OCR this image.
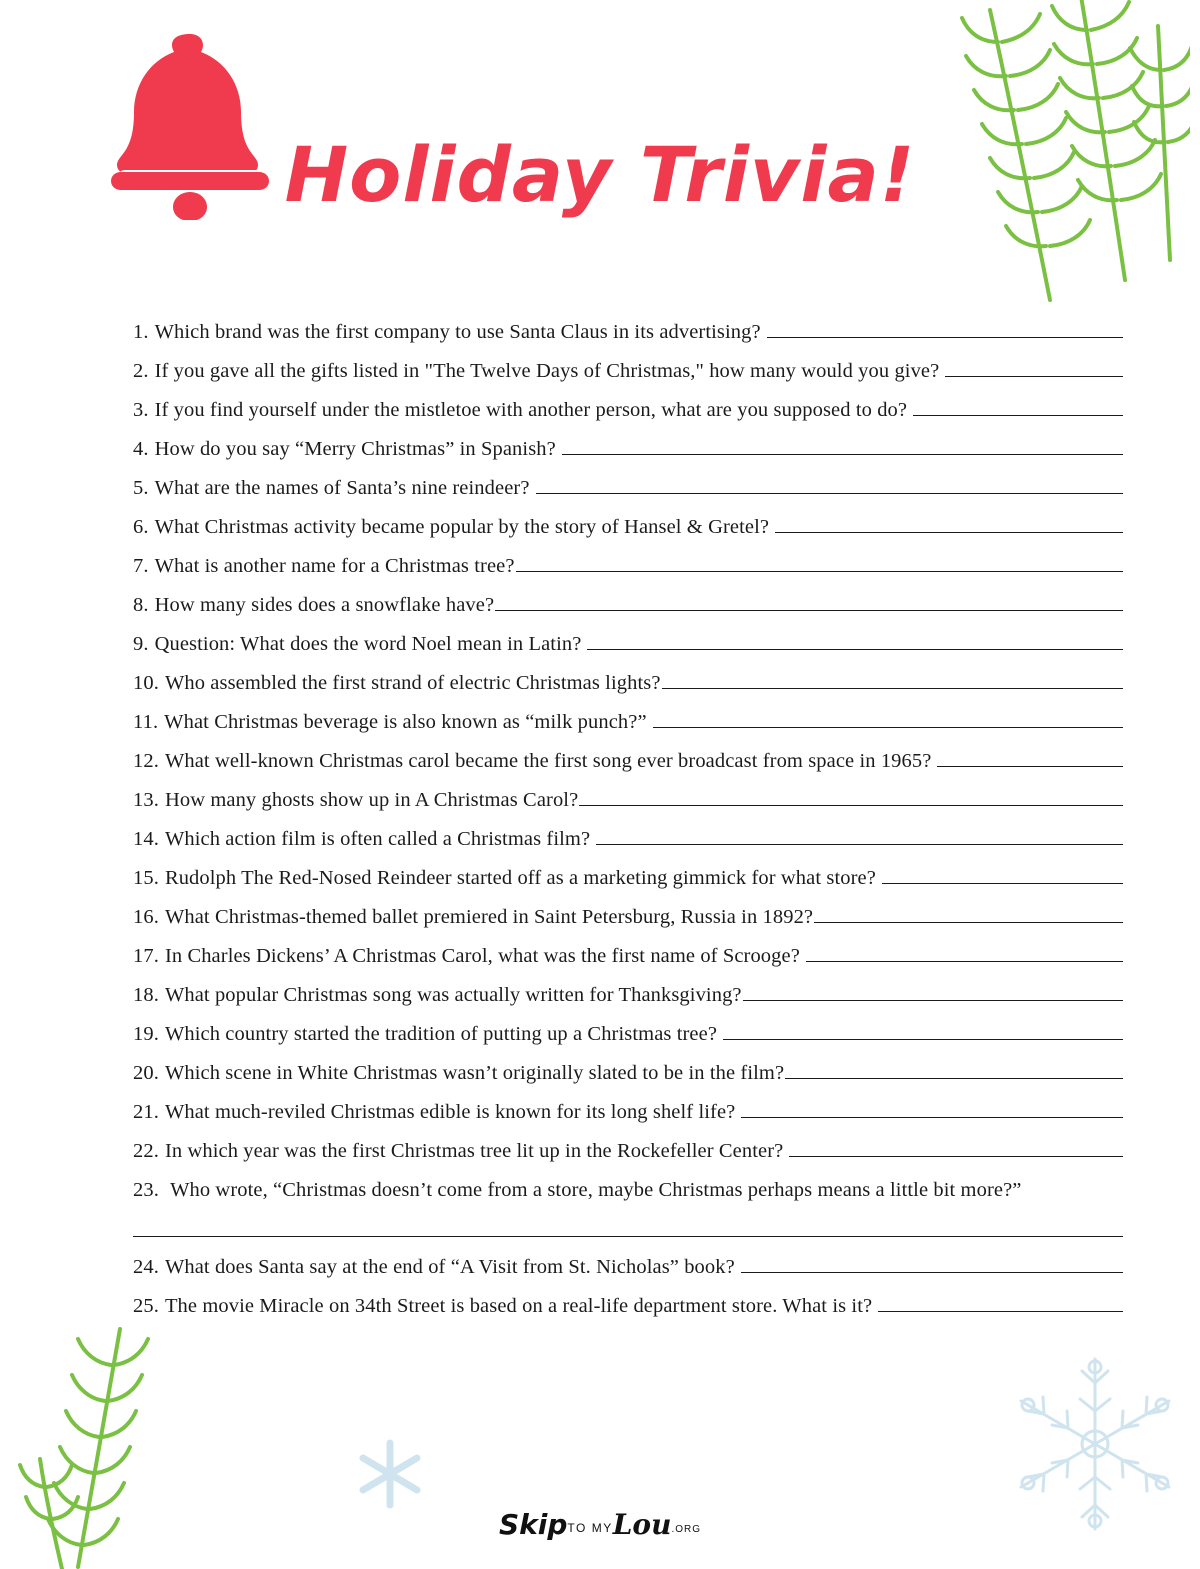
Holiday Trivia!
1. Which brand was the first company to use Santa Claus in its advertising?
2. If you gave all the gifts listed in "The Twelve Days of Christmas," how many would you give?
3. If you find yourself under the mistletoe with another person, what are you supposed to do?
4. How do you say “Merry Christmas” in Spanish?
5. What are the names of Santa’s nine reindeer?
6. What Christmas activity became popular by the story of Hansel & Gretel?
7. What is another name for a Christmas tree?
8. How many sides does a snowflake have?
9. Question: What does the word Noel mean in Latin?
10. Who assembled the first strand of electric Christmas lights?
11. What Christmas beverage is also known as “milk punch?”
12. What well-known Christmas carol became the first song ever broadcast from space in 1965?
13. How many ghosts show up in A Christmas Carol?
14. Which action film is often called a Christmas film?
15. Rudolph The Red-Nosed Reindeer started off as a marketing gimmick for what store?
16. What Christmas-themed ballet premiered in Saint Petersburg, Russia in 1892?
17. In Charles Dickens’ A Christmas Carol, what was the first name of Scrooge?
18. What popular Christmas song was actually written for Thanksgiving?
19. Which country started the tradition of putting up a Christmas tree?
20. Which scene in White Christmas wasn’t originally slated to be in the film?
21. What much-reviled Christmas edible is known for its long shelf life?
22. In which year was the first Christmas tree lit up in the Rockefeller Center?
23. Who wrote, “Christmas doesn’t come from a store, maybe Christmas perhaps means a little bit more?”
24. What does Santa say at the end of “A Visit from St. Nicholas” book?
25. The movie Miracle on 34th Street is based on a real-life department store. What is it?
SkipTO MYLou.ORG
